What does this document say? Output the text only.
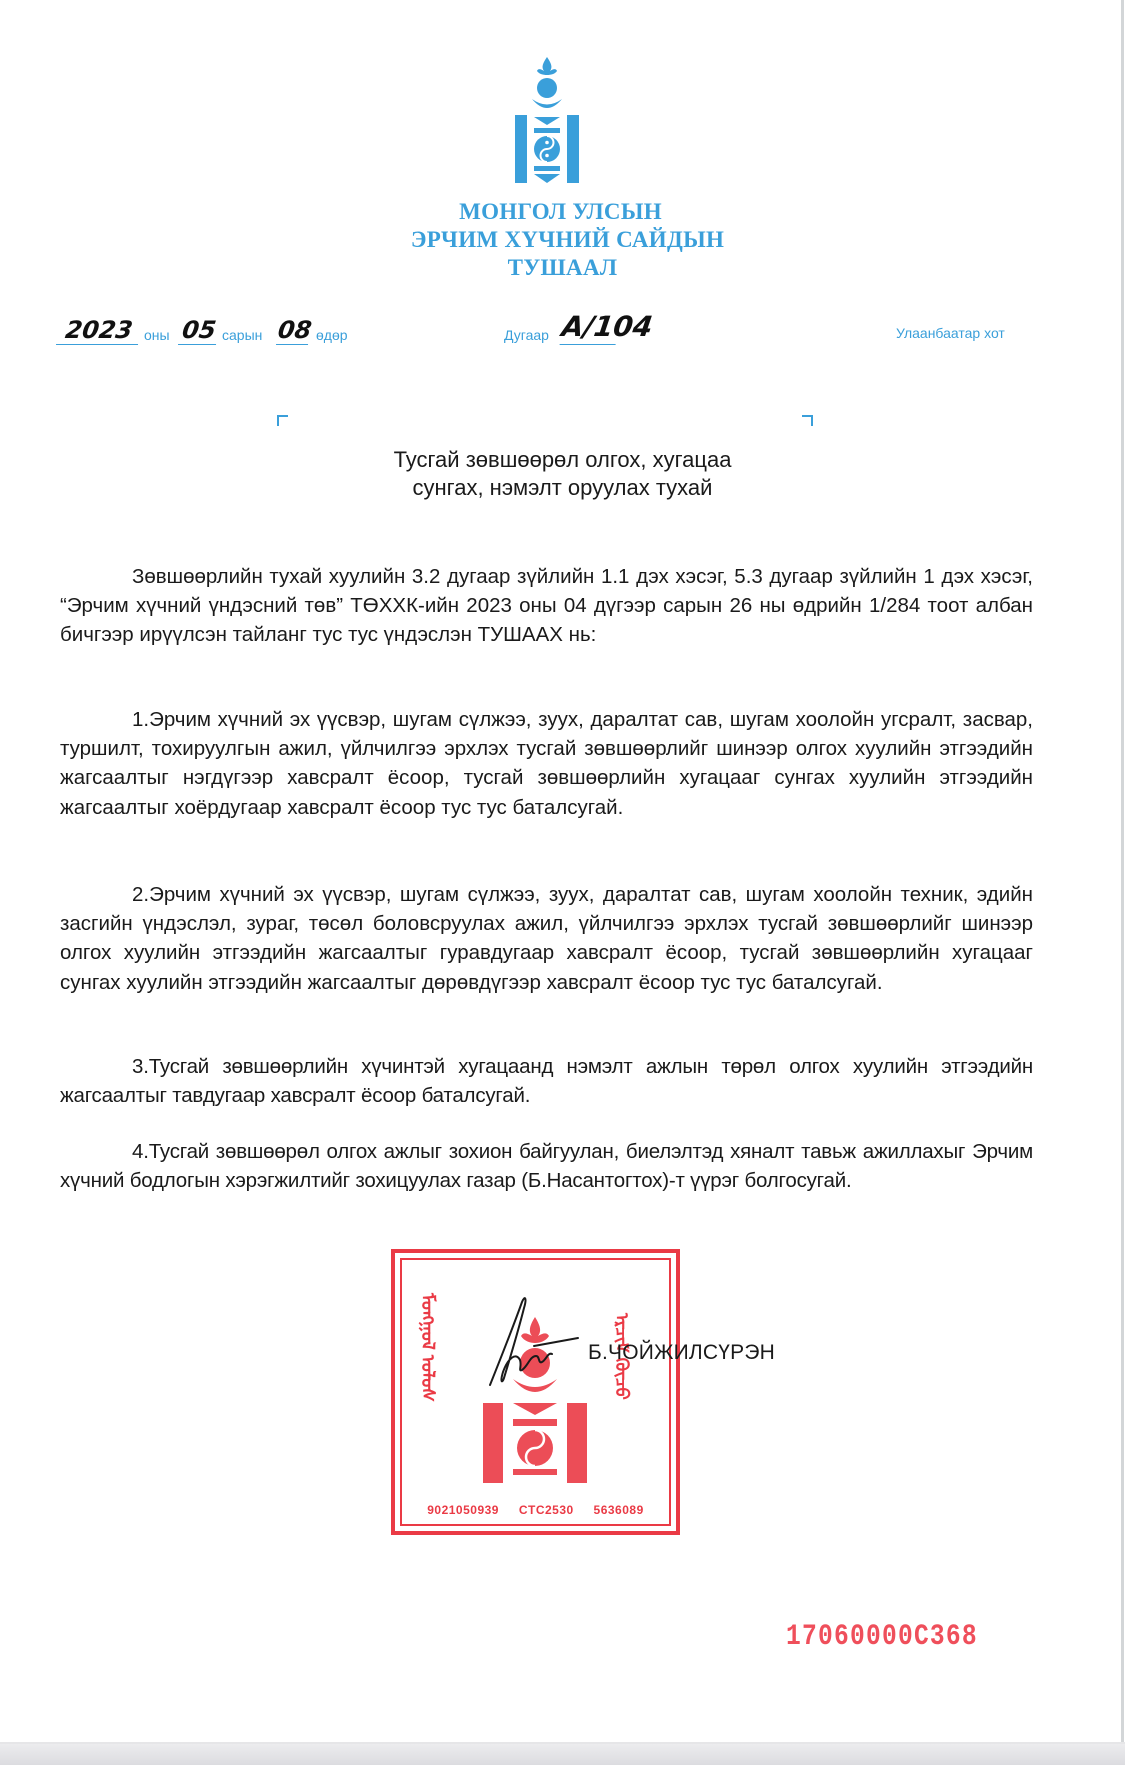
МОНГОЛ УЛСЫН
ЭРЧИМ ХҮЧНИЙ САЙДЫН
ТУШААЛ
2023 оны 05 сарын 08 өдөр	Дугаар A/104	Улаанбаатар хот
Тусгай зөвшөөрөл олгох, хугацаа
сунгах, нэмэлт оруулах тухай
Зөвшөөрлийн тухай хуулийн 3.2 дугаар зүйлийн 1.1 дэх хэсэг, 5.3 дугаар зүйлийн 1 дэх хэсэг, “Эрчим хүчний үндэсний төв” ТӨХХК-ийн 2023 оны 04 дүгээр сарын 26 ны өдрийн 1/284 тоот албан бичгээр ирүүлсэн тайланг тус тус үндэслэн ТУШААХ нь:
1.Эрчим хүчний эх үүсвэр, шугам сүлжээ, зуух, даралтат сав, шугам хоолойн угсралт, засвар, туршилт, тохируулгын ажил, үйлчилгээ эрхлэх тусгай зөвшөөрлийг шинээр олгох хуулийн этгээдийн жагсаалтыг нэгдүгээр хавсралт ёсоор, тусгай зөвшөөрлийн хугацааг сунгах хуулийн этгээдийн жагсаалтыг хоёрдугаар хавсралт ёсоор тус тус баталсугай.
2.Эрчим хүчний эх үүсвэр, шугам сүлжээ, зуух, даралтат сав, шугам хоолойн техник, эдийн засгийн үндэслэл, зураг, төсөл боловсруулах ажил, үйлчилгээ эрхлэх тусгай зөвшөөрлийг шинээр олгох хуулийн этгээдийн жагсаалтыг гуравдугаар хавсралт ёсоор, тусгай зөвшөөрлийн хугацааг сунгах хуулийн этгээдийн жагсаалтыг дөрөвдүгээр хавсралт ёсоор тус тус баталсугай.
3.Тусгай зөвшөөрлийн хүчинтэй хугацаанд нэмэлт ажлын төрөл олгох хуулийн этгээдийн жагсаалтыг тавдугаар хавсралт ёсоор баталсугай.
4.Тусгай зөвшөөрөл олгох ажлыг зохион байгуулан, биелэлтэд хяналт тавьж ажиллахыг Эрчим хүчний бодлогын хэрэгжилтийг зохицуулах газар (Б.Насантогтох)-т үүрэг болгосугай.
ᠮᠣᠩᠭᠣᠯ ᠤᠯᠤᠰ	ᠡᠷᠴᠢᠮ ᠬᠦᠴᠦ
9021050939 CTC2530 5636089
Б.ЧОЙЖИЛСҮРЭН
17060000С368
